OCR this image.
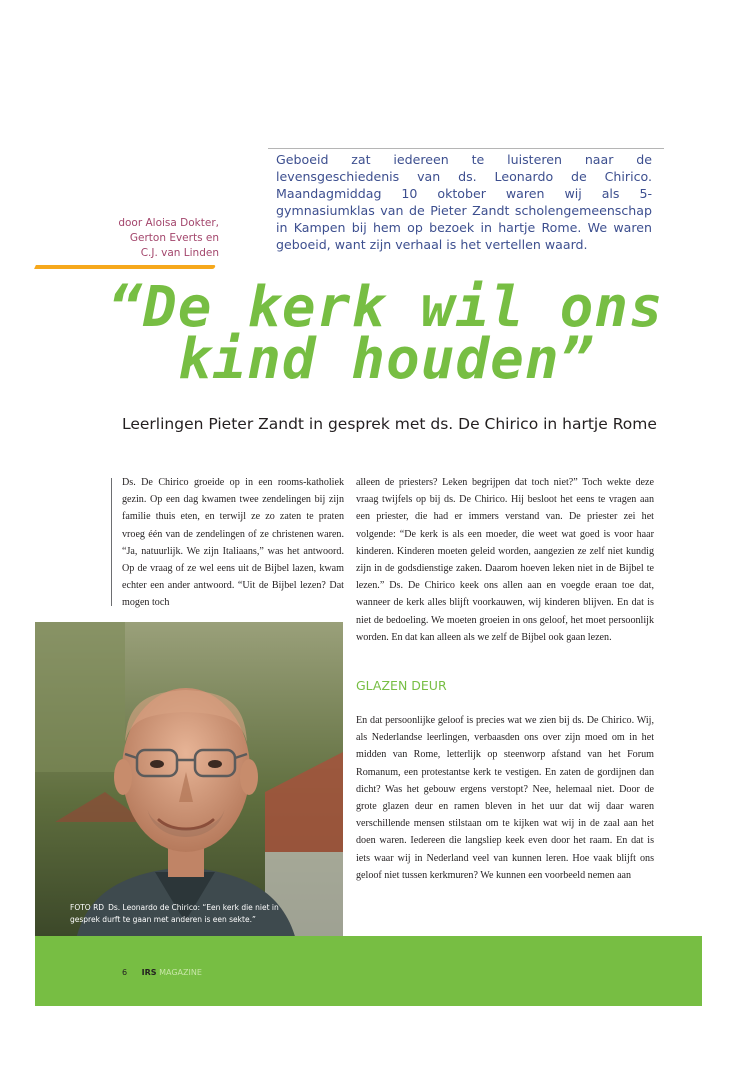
Geboeid zat iedereen te luisteren naar de levensgeschiedenis van ds. Leonardo de Chirico. Maandagmiddag 10 oktober waren wij als 5-gymnasiumklas van de Pieter Zandt scholengemeenschap in Kampen bij hem op bezoek in hartje Rome. We waren geboeid, want zijn verhaal is het vertellen waard.

door Aloisa Dokter,
Gerton Everts en
C.J. van Linden
“De kerk wil ons
kind houden”
Leerlingen Pieter Zandt in gesprek met ds. De Chirico in hartje Rome

Ds. De Chirico groeide op in een rooms-katholiek gezin. Op een dag kwamen twee zendelingen bij zijn familie thuis eten, en terwijl ze zo zaten te praten vroeg één van de zendelingen of ze christenen waren. “Ja, natuurlijk. We zijn Italiaans,” was het antwoord. Op de vraag of ze wel eens uit de Bijbel lazen, kwam echter een ander antwoord. “Uit de Bijbel lezen? Dat mogen toch

alleen de priesters? Leken begrijpen dat toch niet?” Toch wekte deze vraag twijfels op bij ds. De Chirico. Hij besloot het eens te vragen aan een priester, die had er immers verstand van. De priester zei het volgende: “De kerk is als een moeder, die weet wat goed is voor haar kinderen. Kinderen moeten geleid worden, aangezien ze zelf niet kundig zijn in de godsdienstige zaken. Daarom hoeven leken niet in de Bijbel te lezen.” Ds. De Chirico keek ons allen aan en voegde eraan toe dat, wanneer de kerk alles blijft voorkauwen, wij kinderen blijven. En dat is niet de bedoeling. We moeten groeien in ons geloof, het moet persoonlijk worden. En dat kan alleen als we zelf de Bijbel ook gaan lezen.

GLAZEN DEUR

En dat persoonlijke geloof is precies wat we zien bij ds. De Chirico. Wij, als Nederlandse leerlingen, verbaasden ons over zijn moed om in het midden van Rome, letterlijk op steenworp afstand van het Forum Romanum, een protestantse kerk te vestigen. En zaten de gordijnen dan dicht? Was het gebouw ergens verstopt? Nee, helemaal niet. Door de grote glazen deur en ramen bleven in het uur dat wij daar waren verschillende mensen stilstaan om te kijken wat wij in de zaal aan het doen waren. Iedereen die langsliep keek even door het raam. En dat is iets waar wij in Nederland veel van kunnen leren. Hoe vaak blijft ons geloof niet tussen kerkmuren? We kunnen een voorbeeld nemen aan

FOTO RD Ds. Leonardo de Chirico: “Een kerk die niet in gesprek durft te gaan met anderen is een sekte.”

6 IRS MAGAZINE
